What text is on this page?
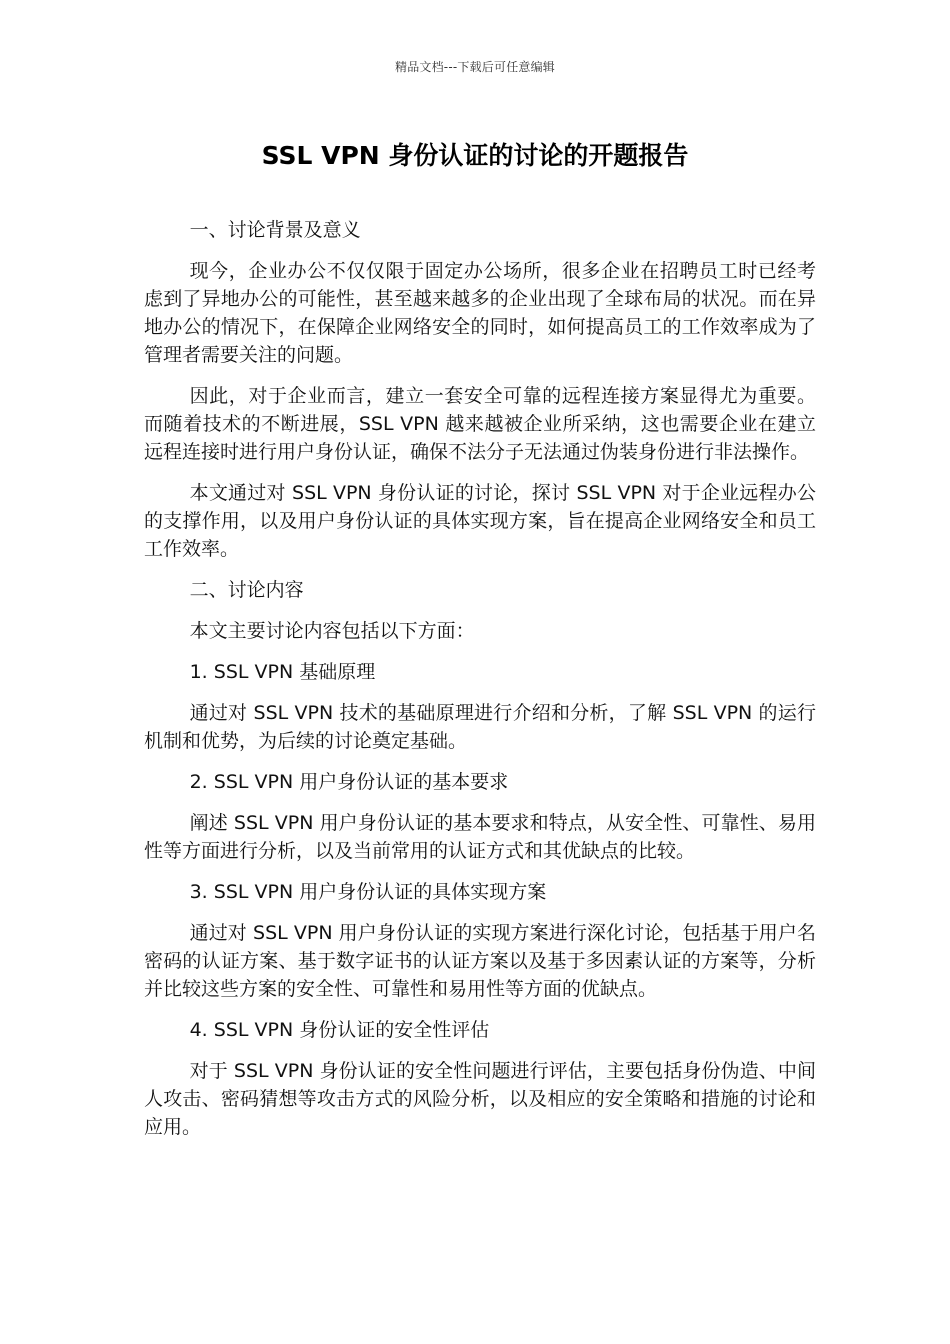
精品文档---下载后可任意编辑
SSL VPN 身份认证的讨论的开题报告

一、讨论背景及意义

现今，企业办公不仅仅限于固定办公场所，很多企业在招聘员工时已经考虑到了异地办公的可能性，甚至越来越多的企业出现了全球布局的状况。而在异地办公的情况下，在保障企业网络安全的同时，如何提高员工的工作效率成为了管理者需要关注的问题。

因此，对于企业而言，建立一套安全可靠的远程连接方案显得尤为重要。而随着技术的不断进展，SSL VPN 越来越被企业所采纳，这也需要企业在建立远程连接时进行用户身份认证，确保不法分子无法通过伪装身份进行非法操作。

本文通过对 SSL VPN 身份认证的讨论，探讨 SSL VPN 对于企业远程办公的支撑作用，以及用户身份认证的具体实现方案，旨在提高企业网络安全和员工工作效率。

二、讨论内容

本文主要讨论内容包括以下方面：

1. SSL VPN 基础原理

通过对 SSL VPN 技术的基础原理进行介绍和分析，了解 SSL VPN 的运行机制和优势，为后续的讨论奠定基础。

2. SSL VPN 用户身份认证的基本要求

阐述 SSL VPN 用户身份认证的基本要求和特点，从安全性、可靠性、易用性等方面进行分析，以及当前常用的认证方式和其优缺点的比较。

3. SSL VPN 用户身份认证的具体实现方案

通过对 SSL VPN 用户身份认证的实现方案进行深化讨论，包括基于用户名密码的认证方案、基于数字证书的认证方案以及基于多因素认证的方案等，分析并比较这些方案的安全性、可靠性和易用性等方面的优缺点。

4. SSL VPN 身份认证的安全性评估

对于 SSL VPN 身份认证的安全性问题进行评估，主要包括身份伪造、中间人攻击、密码猜想等攻击方式的风险分析，以及相应的安全策略和措施的讨论和应用。
